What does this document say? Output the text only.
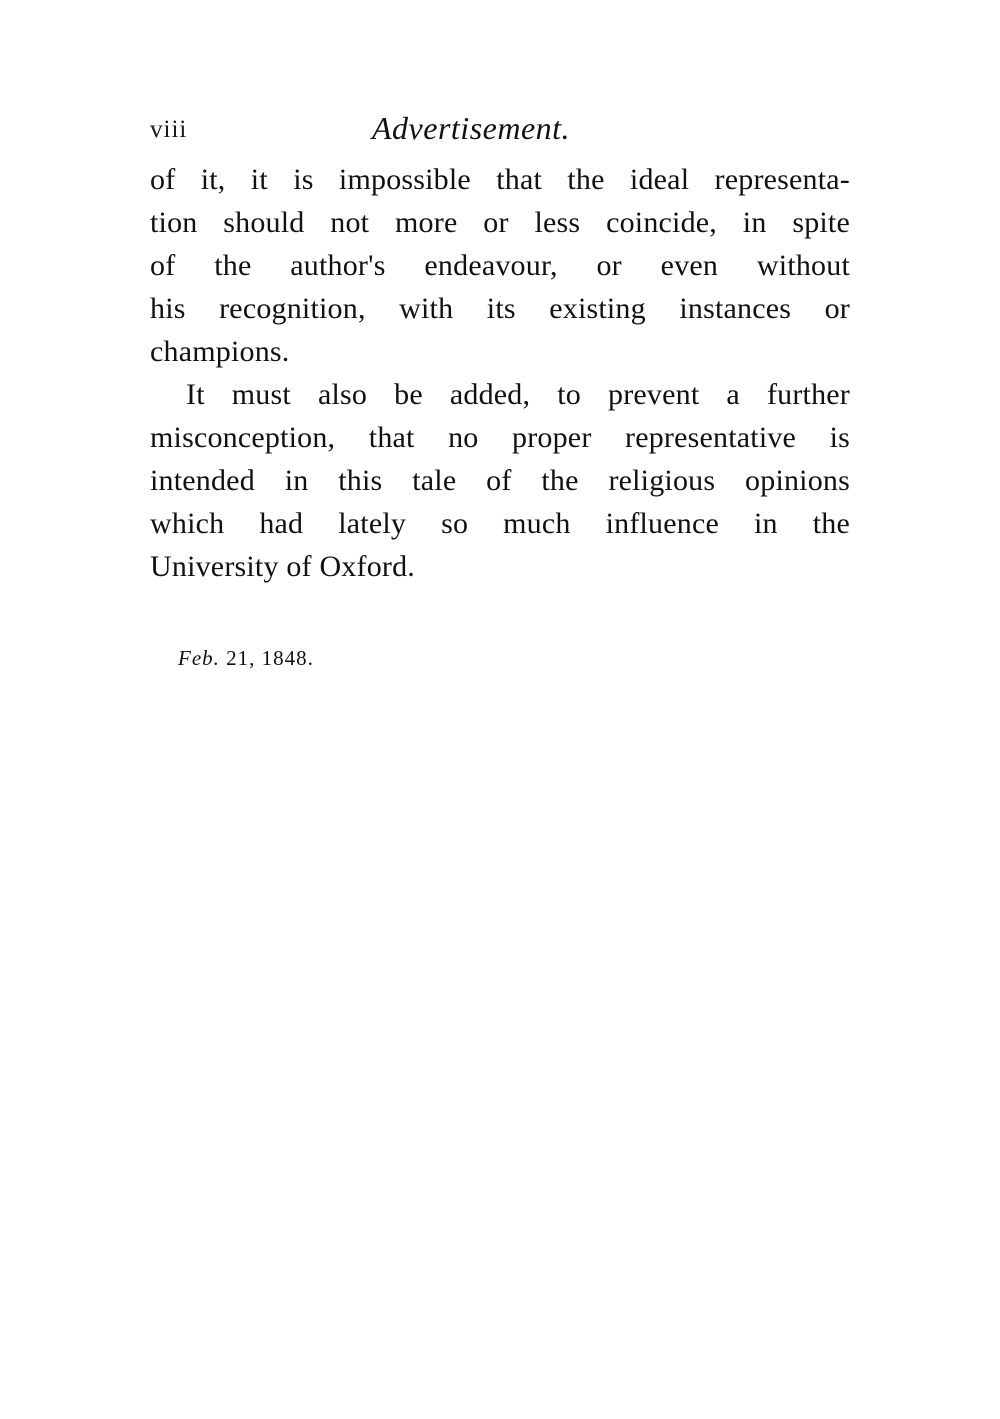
viii	Advertisement.
of it, it is impossible that the ideal representa-
tion should not more or less coincide, in spite
of the author's endeavour, or even without
his recognition, with its existing instances or
champions.
It must also be added, to prevent a further
misconception, that no proper representative is
intended in this tale of the religious opinions
which had lately so much influence in the
University of Oxford.
Feb. 21, 1848.
